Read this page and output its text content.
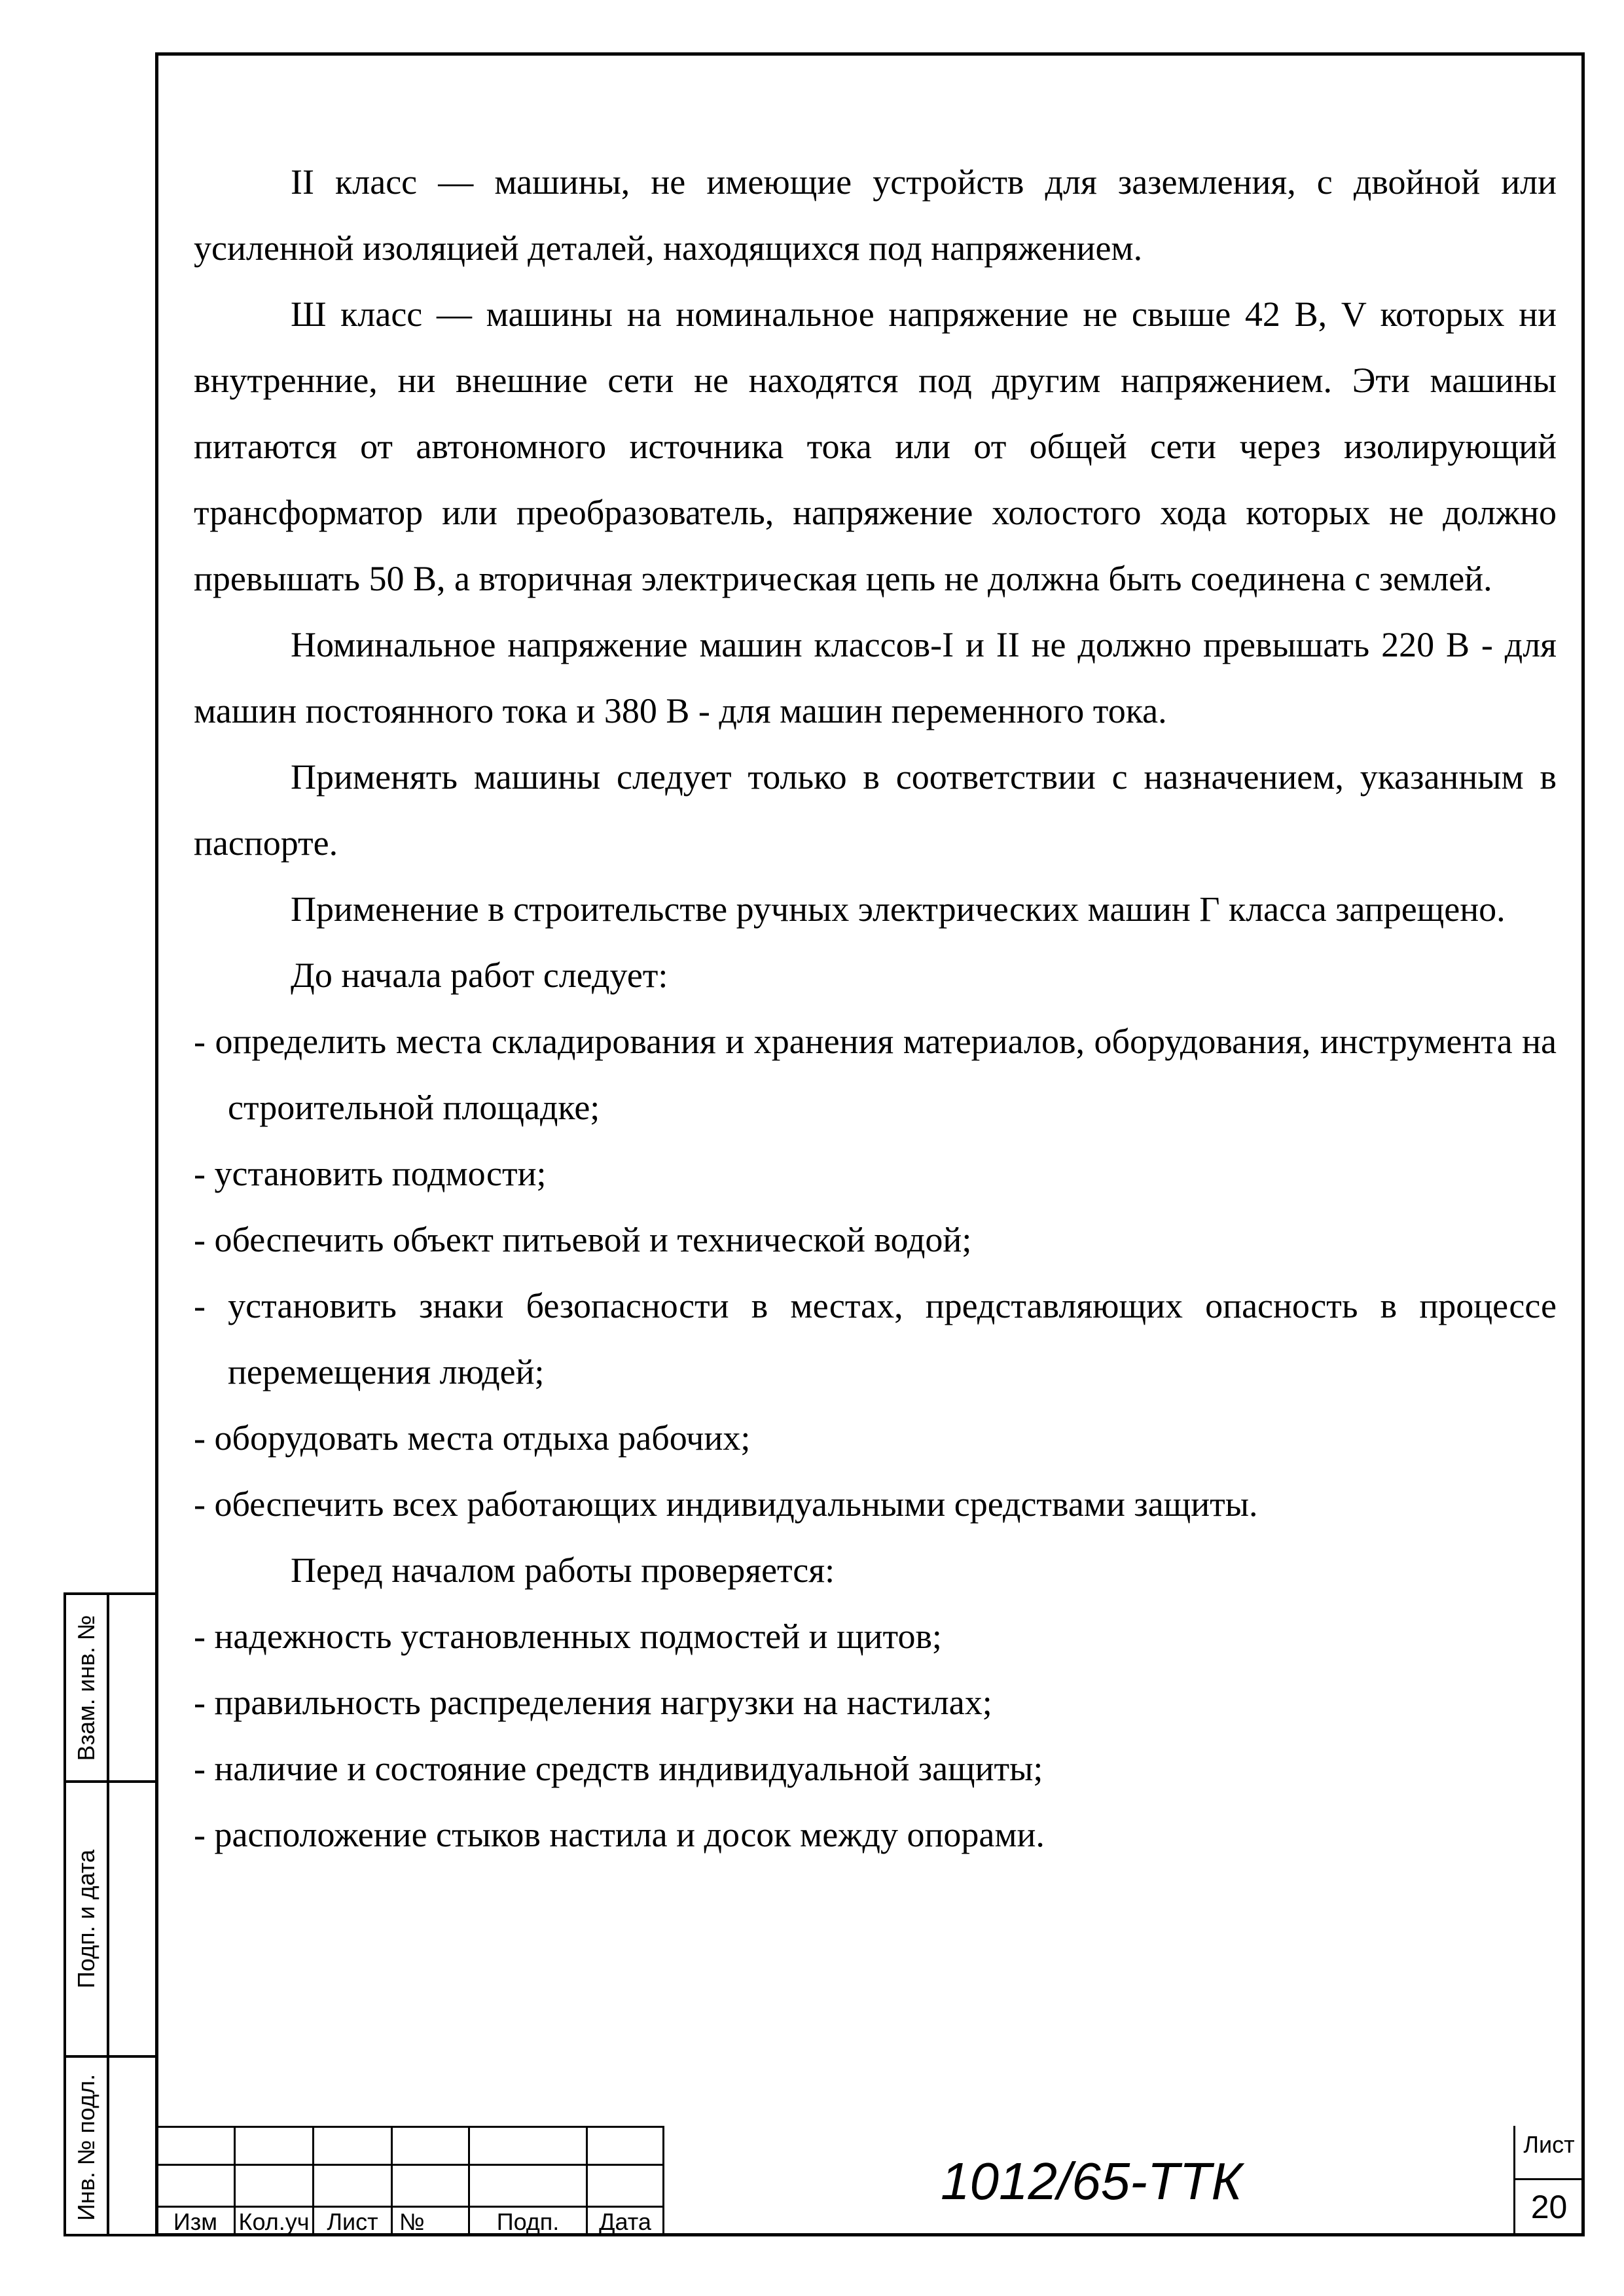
II класс — машины, не имеющие устройств для заземления, с двойной или усиленной изоляцией деталей, находящихся под напряжением.

Ш класс — машины на номинальное напряжение не свыше 42 В, V которых ни внутренние, ни внешние сети не находятся под другим напряжением. Эти машины питаются от автономного источника тока или от общей сети через изолирующий трансформатор или преобразователь, напряжение холостого хода которых не должно превышать 50 В, а вторичная электрическая цепь не должна быть соединена с землей.

Номинальное напряжение машин классов-I и II не должно превышать 220 В - для машин постоянного тока и 380 В - для машин переменного тока.

Применять машины следует только в соответствии с назначением, указанным в паспорте.

Применение в строительстве ручных электрических машин Г класса запрещено.

До начала работ следует:

- определить места складирования и хранения материалов, оборудования, инструмента на строительной площадке;

- установить подмости;

- обеспечить объект питьевой и технической водой;

- установить знаки безопасности в местах, представляющих опасность в процессе перемещения людей;

- оборудовать места отдыха рабочих;

- обеспечить всех работающих индивидуальными средствами защиты.

Перед началом работы проверяется:

- надежность установленных подмостей и щитов;

- правильность распределения нагрузки на настилах;

- наличие и состояние средств индивидуальной защиты;

- расположение стыков настила и досок между опорами.

Взам. инв. №
Подп. и дата
Инв. № подл.
Изм Кол.уч Лист №	Подп.	Дата
1012/65-ТТК
Лист
20
